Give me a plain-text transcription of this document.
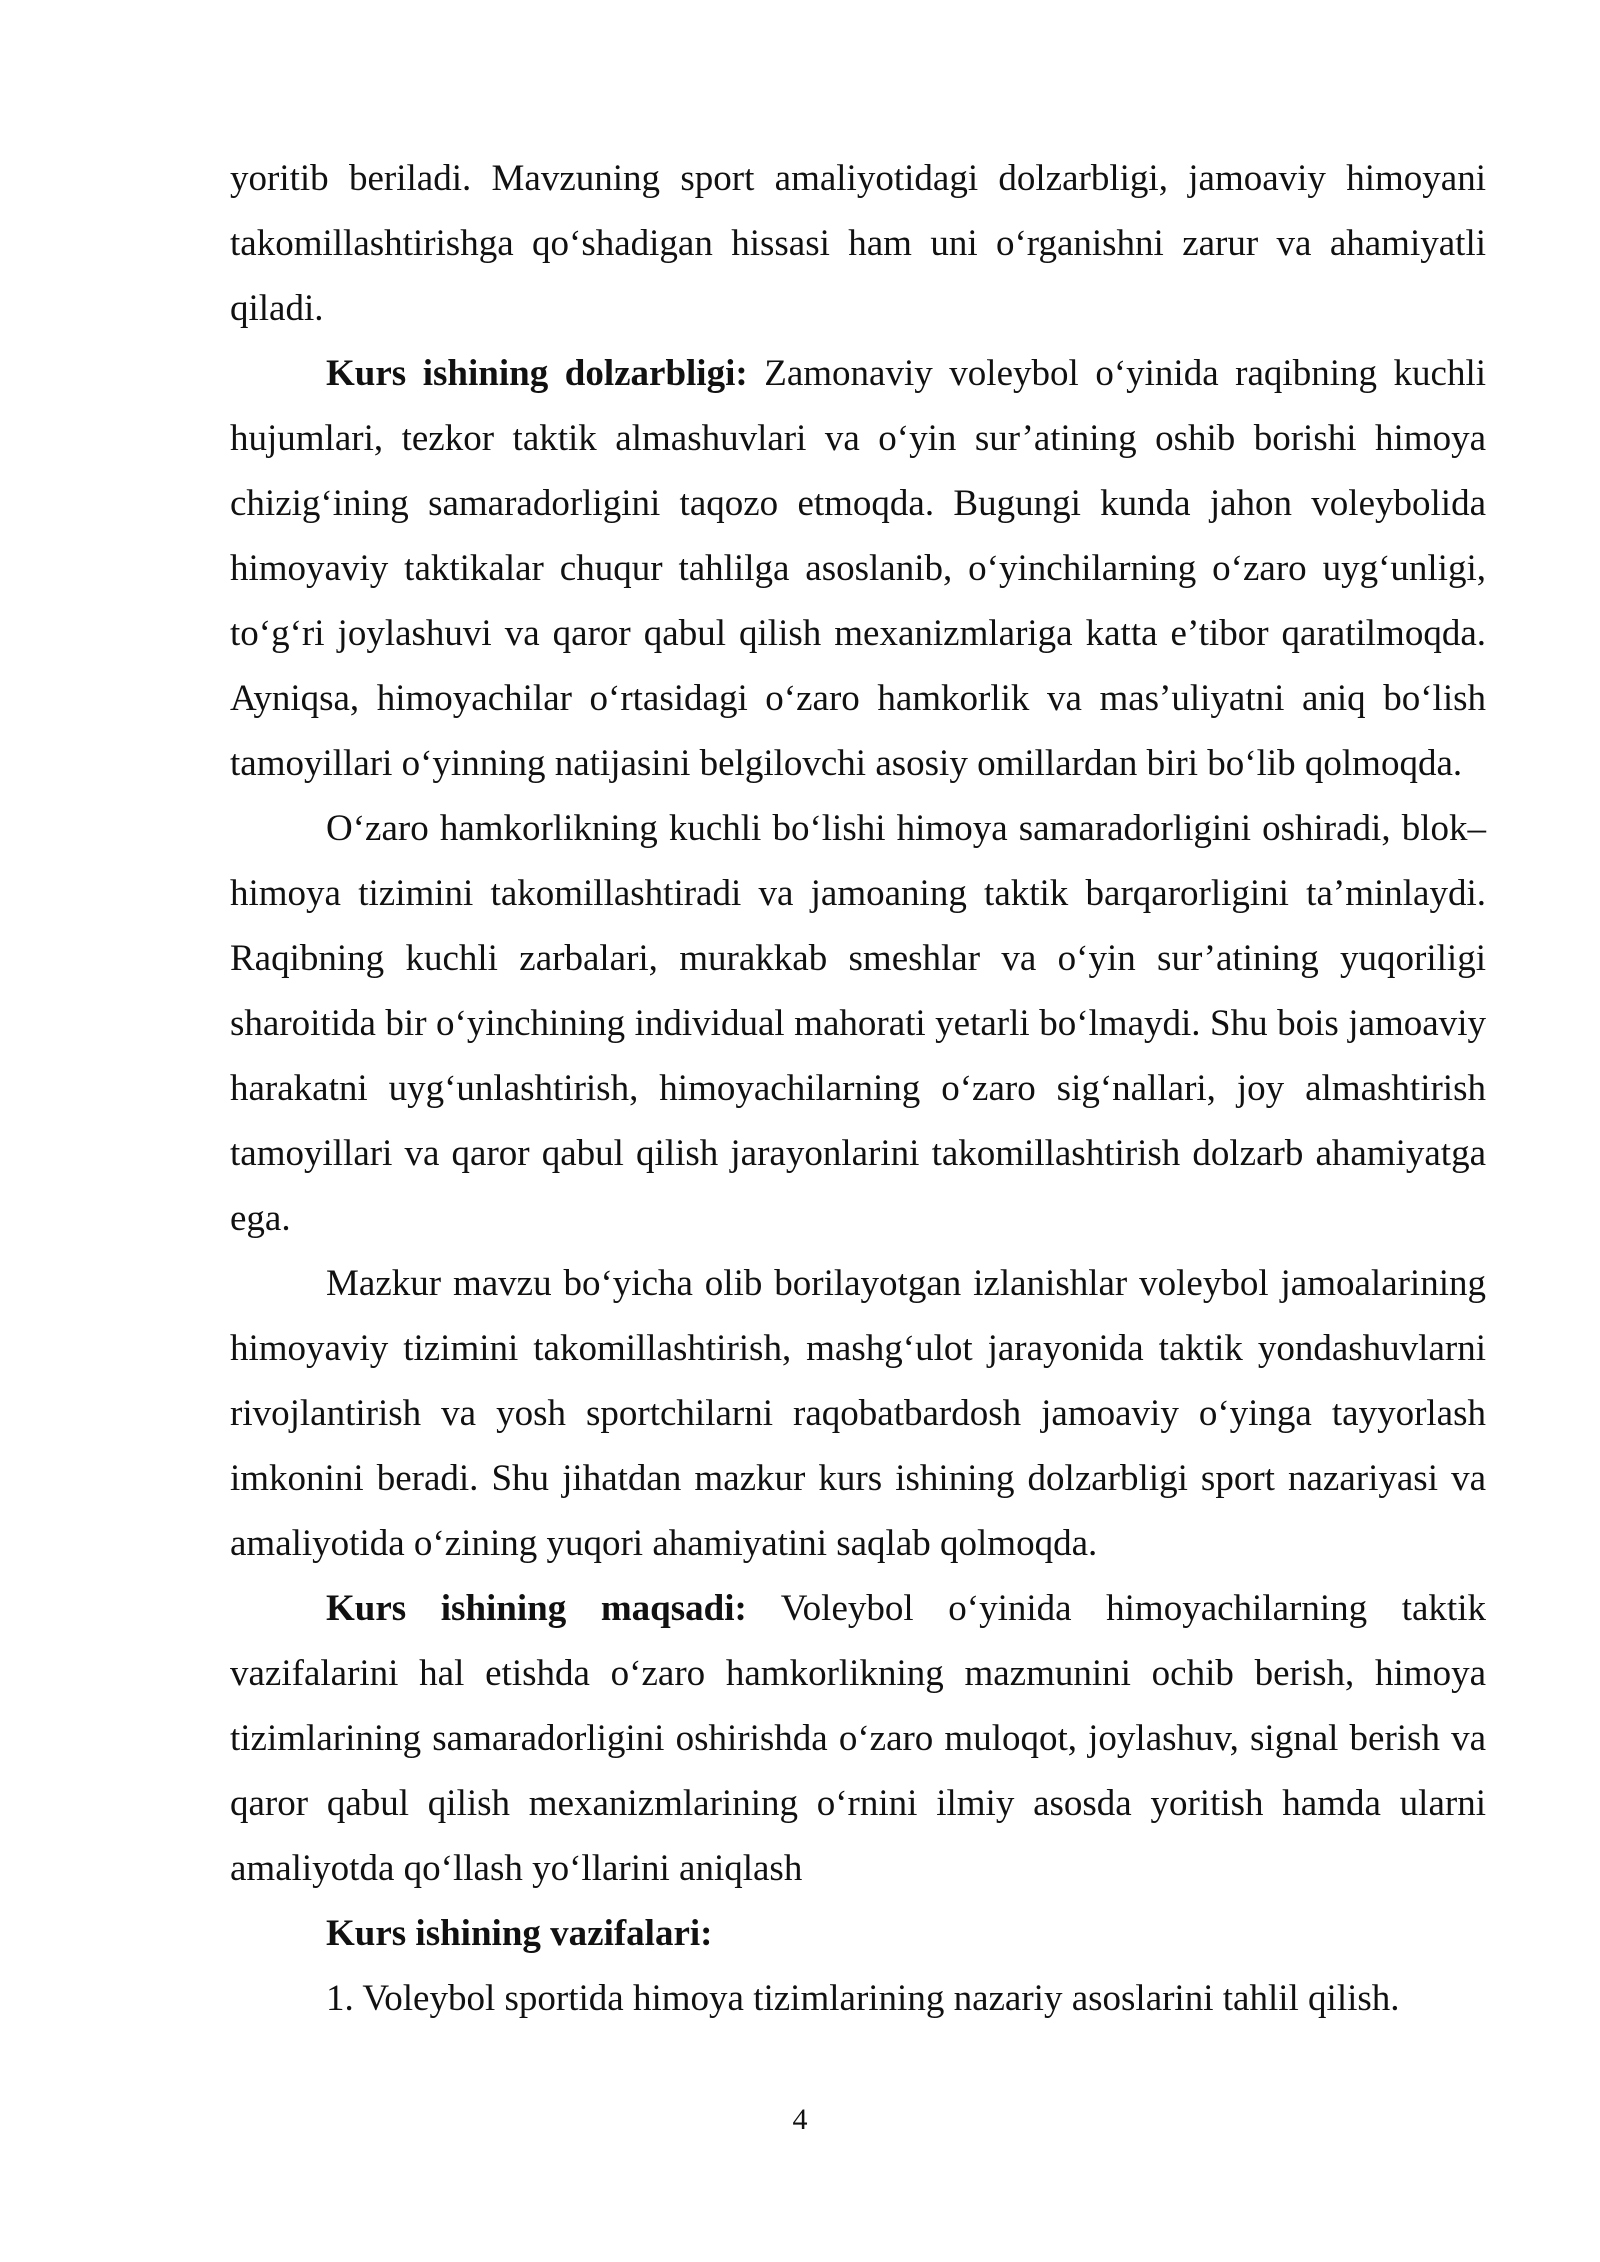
yoritib beriladi. Mavzuning sport amaliyotidagi dolzarbligi, jamoaviy himoyani takomillashtirishga qo‘shadigan hissasi ham uni o‘rganishni zarur va ahamiyatli qiladi.

Kurs ishining dolzarbligi: Zamonaviy voleybol o‘yinida raqibning kuchli hujumlari, tezkor taktik almashuvlari va o‘yin sur’atining oshib borishi himoya chizig‘ining samaradorligini taqozo etmoqda. Bugungi kunda jahon voleybolida himoyaviy taktikalar chuqur tahlilga asoslanib, o‘yinchilarning o‘zaro uyg‘unligi, to‘g‘ri joylashuvi va qaror qabul qilish mexanizmlariga katta e’tibor qaratilmoqda. Ayniqsa, himoyachilar o‘rtasidagi o‘zaro hamkorlik va mas’uliyatni aniq bo‘lish tamoyillari o‘yinning natijasini belgilovchi asosiy omillardan biri bo‘lib qolmoqda.

O‘zaro hamkorlikning kuchli bo‘lishi himoya samaradorligini oshiradi, blok–himoya tizimini takomillashtiradi va jamoaning taktik barqarorligini ta’minlaydi. Raqibning kuchli zarbalari, murakkab smeshlar va o‘yin sur’atining yuqoriligi sharoitida bir o‘yinchining individual mahorati yetarli bo‘lmaydi. Shu bois jamoaviy harakatni uyg‘unlashtirish, himoyachilarning o‘zaro sig‘nallari, joy almashtirish tamoyillari va qaror qabul qilish jarayonlarini takomillashtirish dolzarb ahamiyatga ega.

Mazkur mavzu bo‘yicha olib borilayotgan izlanishlar voleybol jamoalarining himoyaviy tizimini takomillashtirish, mashg‘ulot jarayonida taktik yondashuvlarni rivojlantirish va yosh sportchilarni raqobatbardosh jamoaviy o‘yinga tayyorlash imkonini beradi. Shu jihatdan mazkur kurs ishining dolzarbligi sport nazariyasi va amaliyotida o‘zining yuqori ahamiyatini saqlab qolmoqda.

Kurs ishining maqsadi: Voleybol o‘yinida himoyachilarning taktik vazifalarini hal etishda o‘zaro hamkorlikning mazmunini ochib berish, himoya tizimlarining samaradorligini oshirishda o‘zaro muloqot, joylashuv, signal berish va qaror qabul qilish mexanizmlarining o‘rnini ilmiy asosda yoritish hamda ularni amaliyotda qo‘llash yo‘llarini aniqlash

Kurs ishining vazifalari:

1. Voleybol sportida himoya tizimlarining nazariy asoslarini tahlil qilish.

4
